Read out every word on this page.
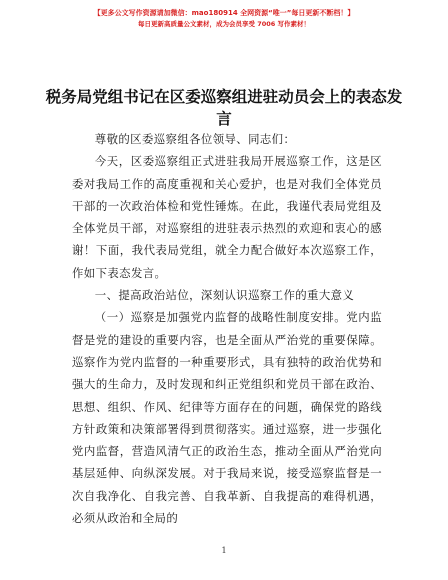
【更多公文写作资源请加微信：mao180914 全网资源“唯一”每日更新不断档！】
每日更新高质量公文素材，成为会员享受 7006 写作素材！
税务局党组书记在区委巡察组进驻动员会上的表态发言

尊敬的区委巡察组各位领导、同志们：

今天，区委巡察组正式进驻我局开展巡察工作，这是区委对我局工作的高度重视和关心爱护，也是对我们全体党员干部的一次政治体检和党性锤炼。在此，我谨代表局党组及全体党员干部，对巡察组的进驻表示热烈的欢迎和衷心的感谢！下面，我代表局党组，就全力配合做好本次巡察工作，作如下表态发言。

一、提高政治站位，深刻认识巡察工作的重大意义

（一）巡察是加强党内监督的战略性制度安排。党内监督是党的建设的重要内容，也是全面从严治党的重要保障。巡察作为党内监督的一种重要形式，具有独特的政治优势和强大的生命力，及时发现和纠正党组织和党员干部在政治、思想、组织、作风、纪律等方面存在的问题，确保党的路线方针政策和决策部署得到贯彻落实。通过巡察，进一步强化党内监督，营造风清气正的政治生态，推动全面从严治党向基层延伸、向纵深发展。对于我局来说，接受巡察监督是一次自我净化、自我完善、自我革新、自我提高的难得机遇，必须从政治和全局的

1
